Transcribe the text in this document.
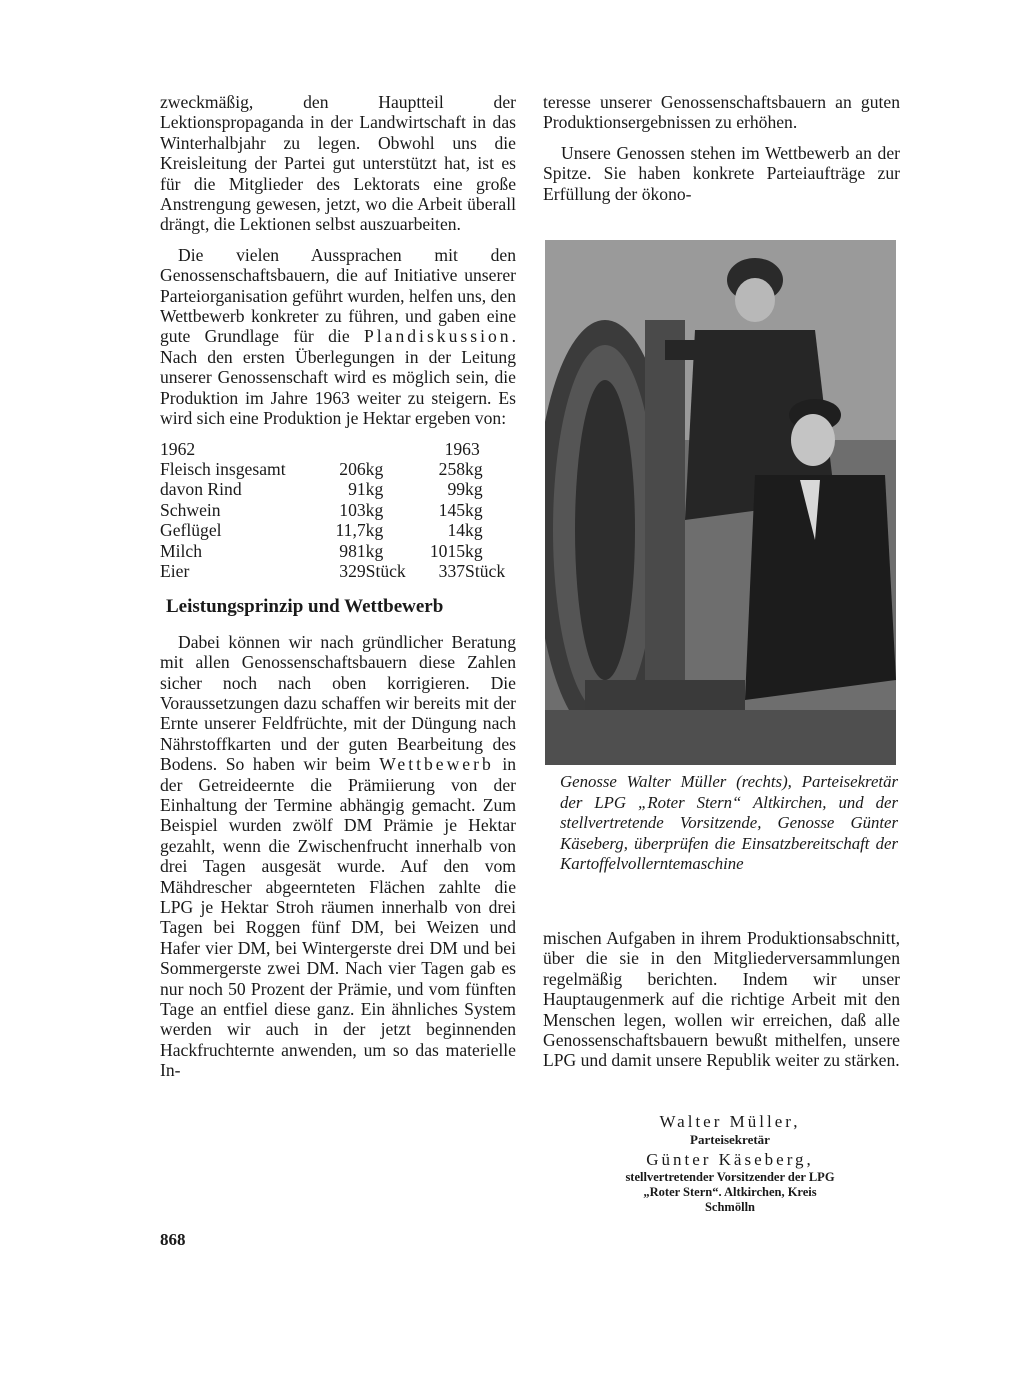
zweckmäßig, den Hauptteil der Lektionspropaganda in der Landwirtschaft in das Winterhalbjahr zu legen. Obwohl uns die Kreisleitung der Partei gut unterstützt hat, ist es für die Mitglieder des Lektorats eine große Anstrengung gewesen, jetzt, wo die Arbeit überall drängt, die Lektionen selbst auszuarbeiten.

Die vielen Aussprachen mit den Genossenschaftsbauern, die auf Initiative unserer Parteiorganisation geführt wurden, helfen uns, den Wettbewerb konkreter zu führen, und gaben eine gute Grundlage für die Plandiskussion. Nach den ersten Überlegungen in der Leitung unserer Genossenschaft wird es möglich sein, die Produktion im Jahre 1963 weiter zu steigern. Es wird sich eine Produktion je Hektar ergeben von:

1962			1963	
Fleisch insgesamt	206	kg	258	kg
davon Rind	91	kg	99	kg
Schwein	103	kg	145	kg
Geflügel	11,7	kg	14	kg
Milch	981	kg	1015	kg
Eier	329	Stück	337	Stück
Leistungsprinzip und Wettbewerb

Dabei können wir nach gründlicher Beratung mit allen Genossenschaftsbauern diese Zahlen sicher noch nach oben korrigieren. Die Voraussetzungen dazu schaffen wir bereits mit der Ernte unserer Feldfrüchte, mit der Düngung nach Nährstoffkarten und der guten Bearbeitung des Bodens. So haben wir beim Wettbewerb in der Getreideernte die Prämiierung von der Einhaltung der Termine abhängig gemacht. Zum Beispiel wurden zwölf DM Prämie je Hektar gezahlt, wenn die Zwischenfrucht innerhalb von drei Tagen ausgesät wurde. Auf den vom Mähdrescher abgeernteten Flächen zahlte die LPG je Hektar Stroh räumen innerhalb von drei Tagen bei Roggen fünf DM, bei Weizen und Hafer vier DM, bei Wintergerste drei DM und bei Sommergerste zwei DM. Nach vier Tagen gab es nur noch 50 Prozent der Prämie, und vom fünften Tage an entfiel diese ganz. Ein ähnliches System werden wir auch in der jetzt beginnenden Hackfruchternte anwenden, um so das materielle In-

teresse unserer Genossenschaftsbauern an guten Produktionsergebnissen zu erhöhen.

Unsere Genossen stehen im Wettbewerb an der Spitze. Sie haben konkrete Parteiaufträge zur Erfüllung der ökono-

Genosse Walter Müller (rechts), Parteisekretär der LPG „Roter Stern“ Altkirchen, und der stellvertretende Vorsitzende, Genosse Günter Käseberg, überprüfen die Einsatzbereitschaft der Kartoffelvollerntemaschine

mischen Aufgaben in ihrem Produktionsabschnitt, über die sie in den Mitgliederversammlungen regelmäßig berichten. Indem wir unser Hauptaugenmerk auf die richtige Arbeit mit den Menschen legen, wollen wir erreichen, daß alle Genossenschaftsbauern bewußt mithelfen, unsere LPG und damit unsere Republik weiter zu stärken.

Walter Müller,
Parteisekretär
Günter Käseberg,
stellvertretender Vorsitzender der LPG
„Roter Stern“. Altkirchen, Kreis
Schmölln
868
